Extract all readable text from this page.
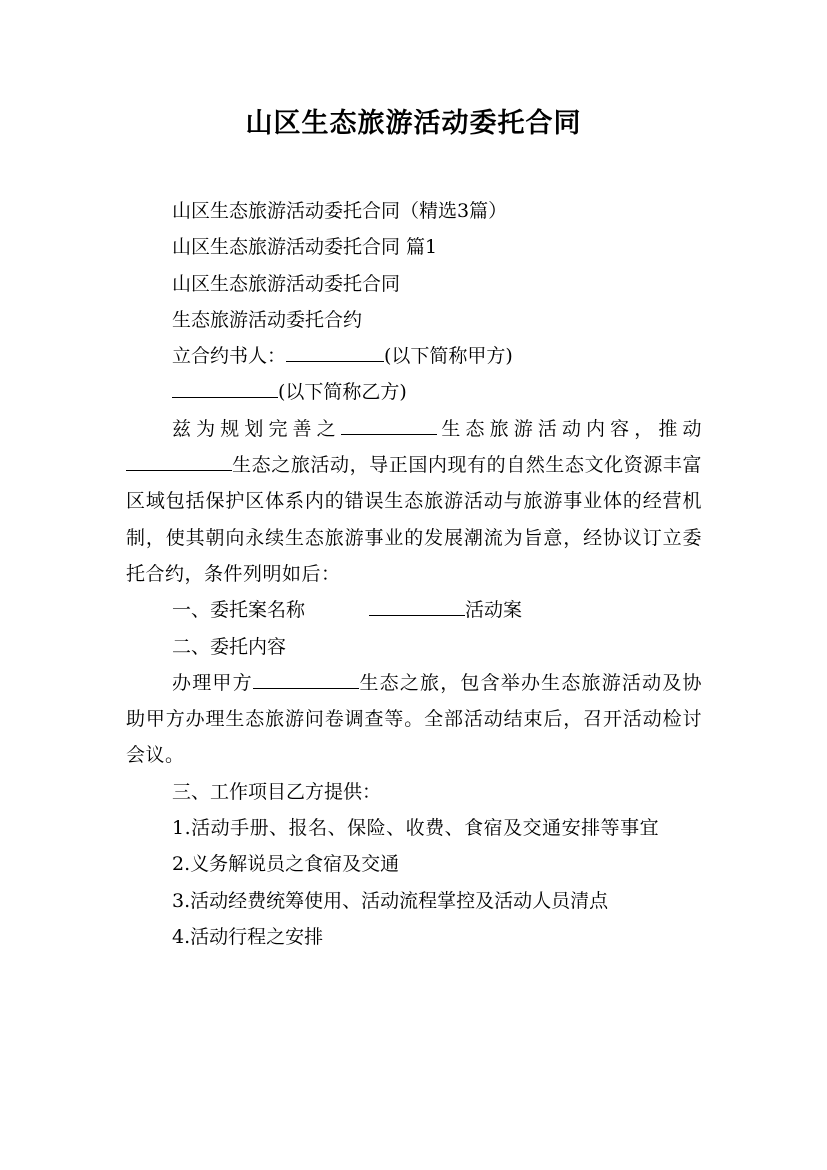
山区生态旅游活动委托合同
山区生态旅游活动委托合同（精选3篇）
山区生态旅游活动委托合同 篇1
山区生态旅游活动委托合同
生态旅游活动委托合约
立合约书人：	(以下简称甲方)
(以下简称乙方)
兹为规划完善之	生态旅游活动内容，推动生态之旅活动，导正国内现有的自然生态文化资源丰富区域包括保护区体系内的错误生态旅游活动与旅游事业体的经营机制，使其朝向永续生态旅游事业的发展潮流为旨意，经协议订立委托合约，条件列明如后：
一、委托案名称	活动案
二、委托内容
办理甲方	生态之旅，包含举办生态旅游活动及协助甲方办理生态旅游问卷调查等。全部活动结束后，召开活动检讨会议。
三、工作项目乙方提供：
1.活动手册、报名、保险、收费、食宿及交通安排等事宜
2.义务解说员之食宿及交通
3.活动经费统筹使用、活动流程掌控及活动人员清点
4.活动行程之安排
